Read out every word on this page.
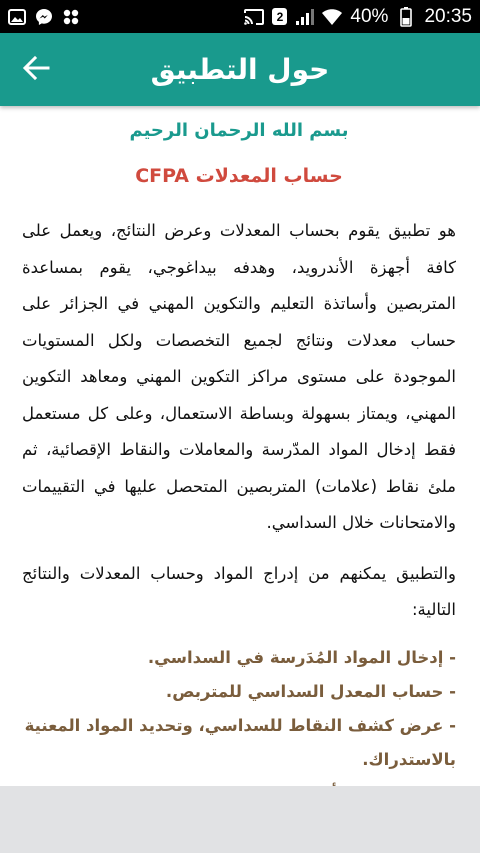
2	40% 20:35
حول التطبيق
بسم الله الرحمان الرحيم
حساب المعدلات CFPA

هو تطبيق يقوم بحساب المعدلات وعرض النتائج، ويعمل على كافة أجهزة الأندرويد، وهدفه بيداغوجي، يقوم بمساعدة المتربصين وأساتذة التعليم والتكوين المهني في الجزائر على حساب معدلات ونتائج لجميع التخصصات ولكل المستويات الموجودة على مستوى مراكز التكوين المهني ومعاهد التكوين المهني، ويمتاز بسهولة وبساطة الاستعمال، وعلى كل مستعمل فقط إدخال المواد المدّرسة والمعاملات والنقاط الإقصائية، ثم ملئ نقاط (علامات) المتربصين المتحصل عليها في التقييمات والامتحانات خلال السداسي.

والتطبيق يمكنهم من إدراج المواد وحساب المعدلات والنتائج التالية:

- إدخال المواد المُدَرسة في السداسي.
- حساب المعدل السداسي للمتربص.
- عرض كشف النقاط للسداسي، وتحديد المواد المعنية بالاستدراك.
